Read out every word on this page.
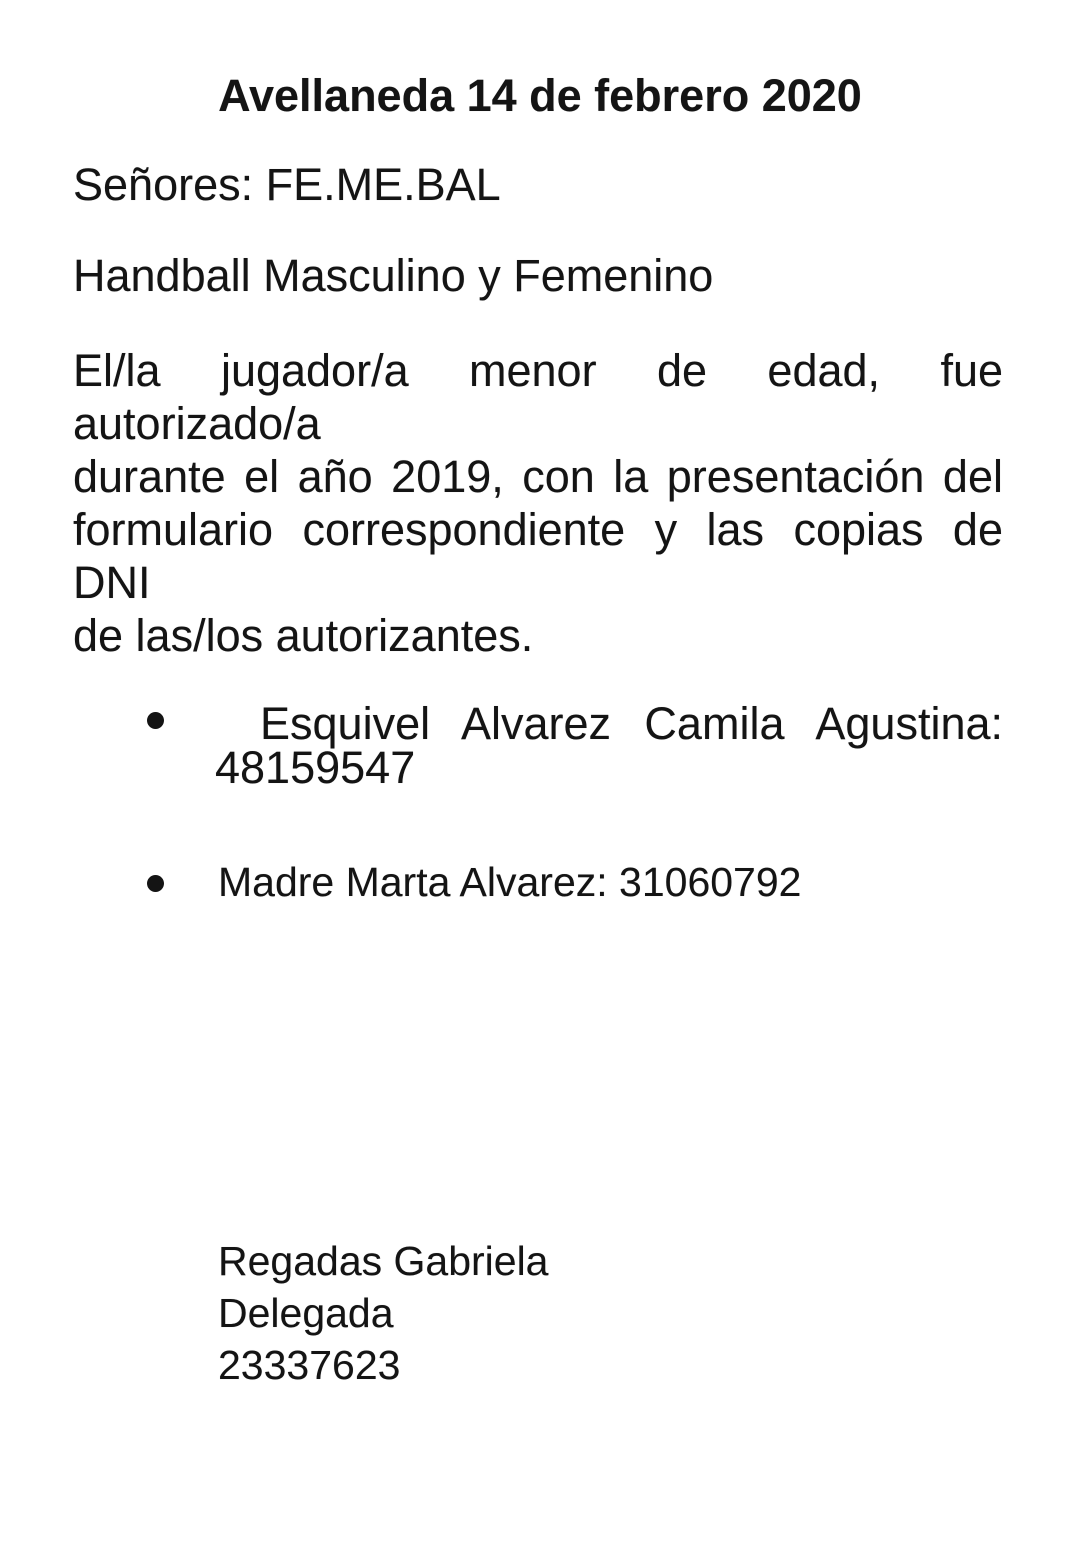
Avellaneda 14 de febrero 2020
Señores: FE.ME.BAL
Handball Masculino y Femenino
El/la jugador/a menor de edad, fue autorizado/a
durante el año 2019, con la presentación del
formulario correspondiente y las copias de DNI
de las/los autorizantes.
Esquivel Alvarez Camila Agustina:
48159547
Madre Marta Alvarez: 31060792
Regadas Gabriela
Delegada
23337623
